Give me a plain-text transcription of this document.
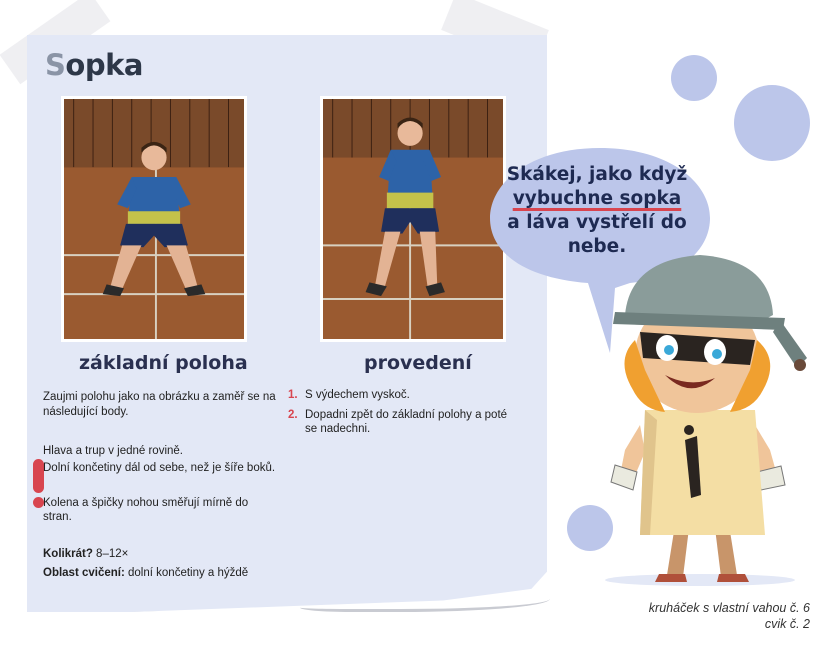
Sopka
základní poloha	provedení

Zaujmi polohu jako na obrázku a zaměř se na následující body.

Hlava a trup v jedné rovině.

Dolní končetiny dál od sebe, než je šíře boků.

Kolena a špičky nohou směřují mírně do stran.

Kolikrát? 8–12×

Oblast cvičení: dolní končetiny a hýždě

1. S výdechem vyskoč.
2. Dopadni zpět do základní polohy a poté se nadechni.
Skákej, jako když
vybuchne sopka
a láva vystřelí do nebe.
kruháček s vlastní vahou č. 6
cvik č. 2
